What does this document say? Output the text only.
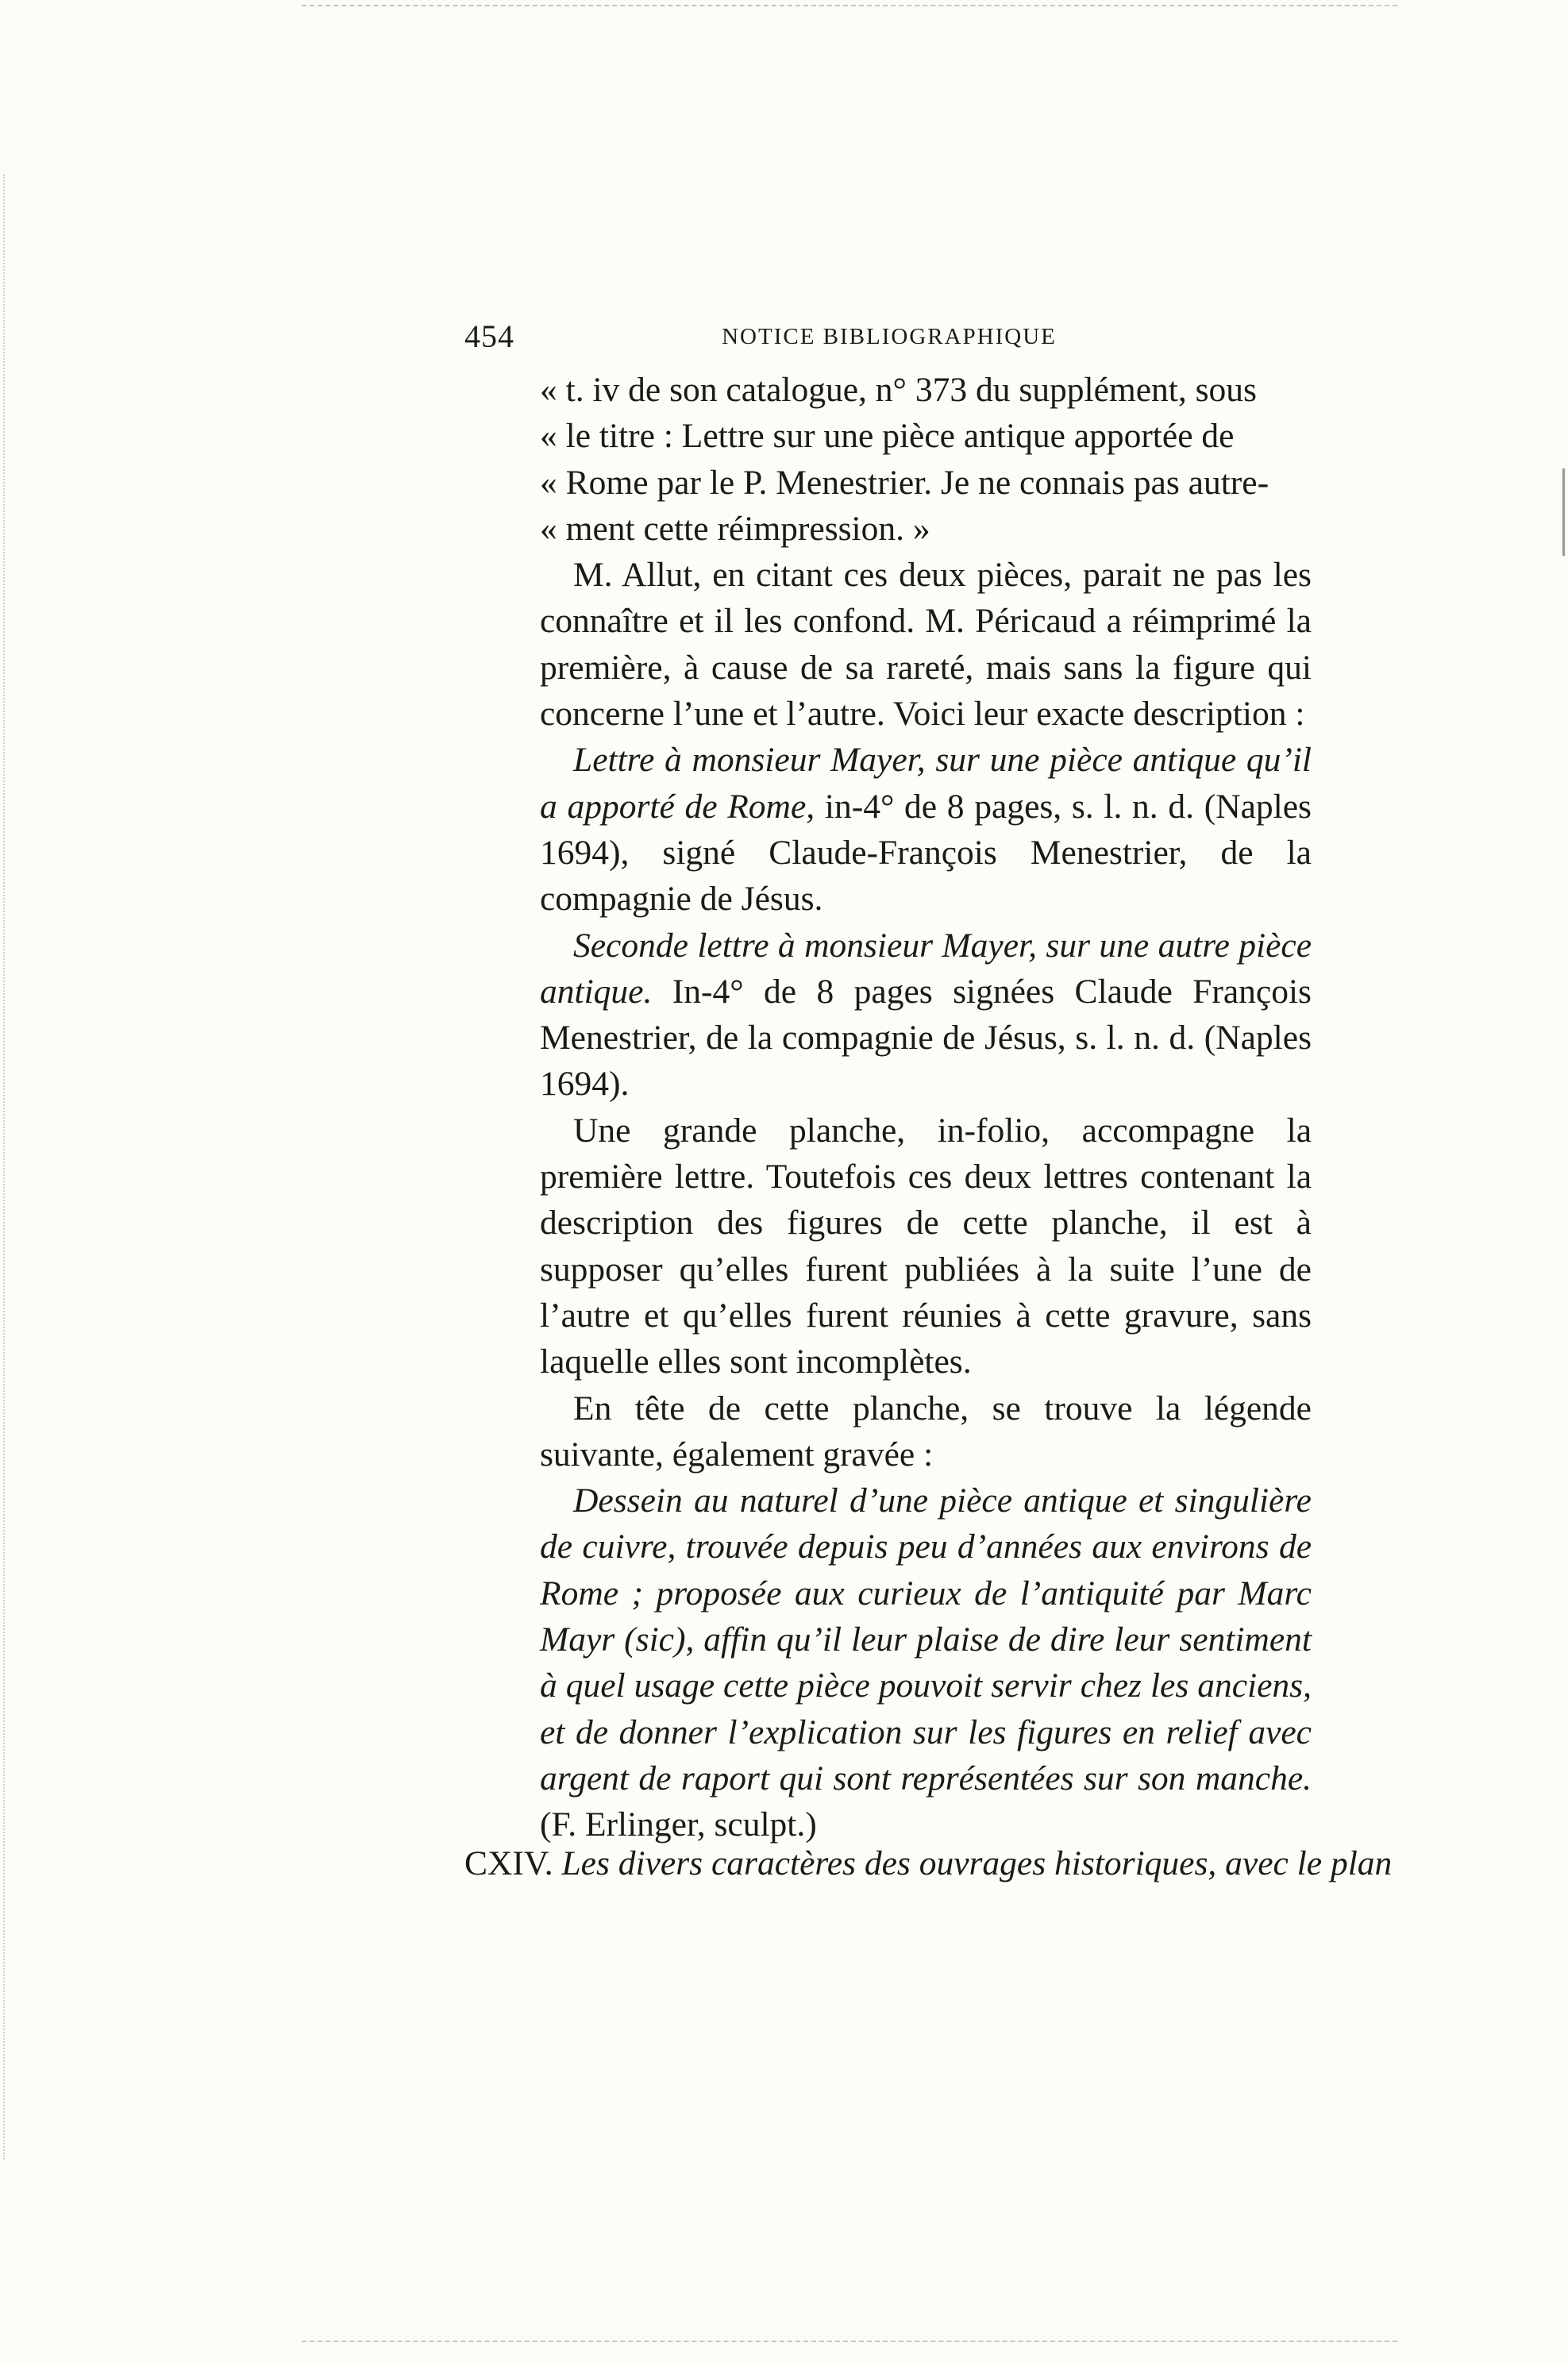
454	NOTICE BIBLIOGRAPHIQUE

« t. iv de son catalogue, n° 373 du supplément, sous
« le titre : Lettre sur une pièce antique apportée de
« Rome par le P. Menestrier. Je ne connais pas autre-
« ment cette réimpression. »

M. Allut, en citant ces deux pièces, parait ne pas les connaître et il les confond. M. Péricaud a réimprimé la première, à cause de sa rareté, mais sans la figure qui concerne l’une et l’autre. Voici leur exacte description :

Lettre à monsieur Mayer, sur une pièce antique qu’il a apporté de Rome, in-4° de 8 pages, s. l. n. d. (Naples 1694), signé Claude-François Menestrier, de la compagnie de Jésus.

Seconde lettre à monsieur Mayer, sur une autre pièce antique. In-4° de 8 pages signées Claude François Menestrier, de la compagnie de Jésus, s. l. n. d. (Naples 1694).

Une grande planche, in-folio, accompagne la première lettre. Toutefois ces deux lettres contenant la description des figures de cette planche, il est à supposer qu’elles furent publiées à la suite l’une de l’autre et qu’elles furent réunies à cette gravure, sans laquelle elles sont incomplètes.

En tête de cette planche, se trouve la légende suivante, également gravée :

Dessein au naturel d’une pièce antique et singulière de cuivre, trouvée depuis peu d’années aux environs de Rome ; proposée aux curieux de l’antiquité par Marc Mayr (sic), affin qu’il leur plaise de dire leur sentiment à quel usage cette pièce pouvoit servir chez les anciens, et de donner l’explication sur les figures en relief avec argent de raport qui sont représentées sur son manche. (F. Erlinger, sculpt.)

CXIV. Les divers caractères des ouvrages historiques, avec le plan
